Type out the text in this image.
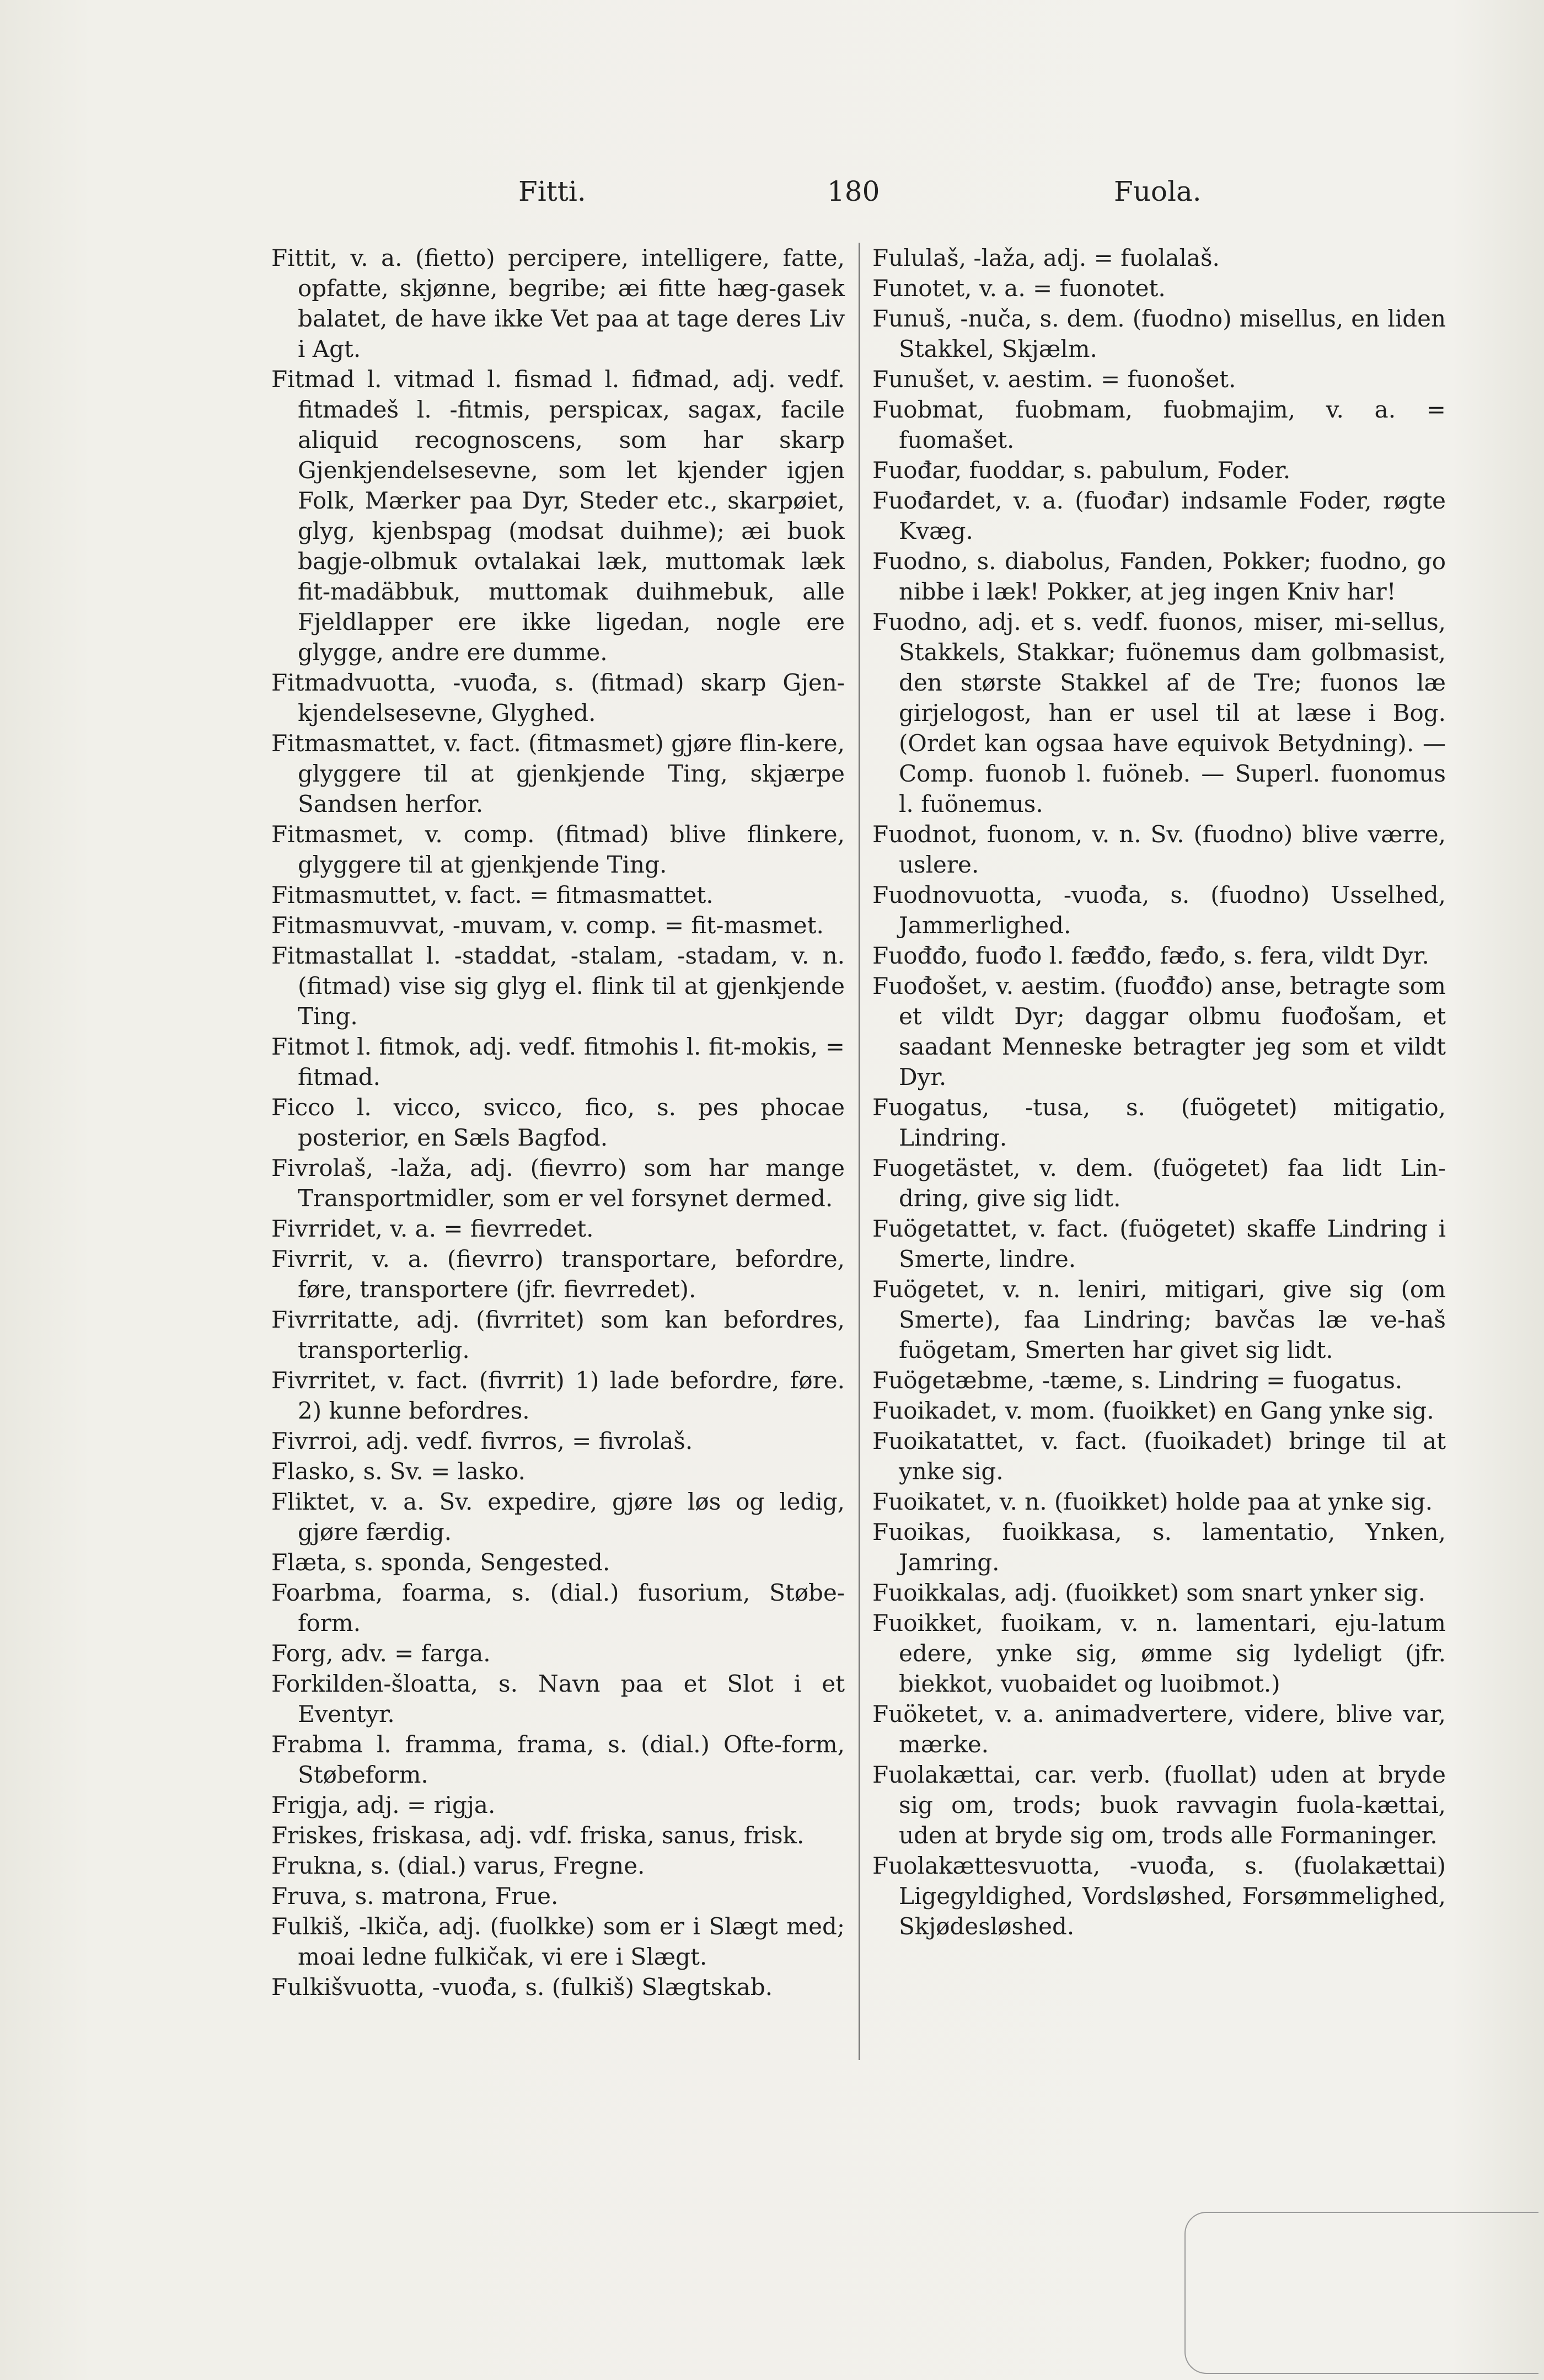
Fitti.	180	Fuola.

Fittit, v. a. (fietto) percipere, intelligere, fatte, opfatte, skjønne, begribe; æi fitte hæg-gasek balatet, de have ikke Vet paa at tage deres Liv i Agt.

Fitmad l. vitmad l. fismad l. fiđmad, adj. vedf. fitmadeš l. -fitmis, perspicax, sagax, facile aliquid recognoscens, som har skarp Gjenkjendelsesevne, som let kjender igjen Folk, Mærker paa Dyr, Steder etc., skarpøiet, glyg, kjenbspag (modsat duihme); æi buok bagje-olbmuk ovtalakai læk, muttomak læk fit-madäbbuk, muttomak duihmebuk, alle Fjeldlapper ere ikke ligedan, nogle ere glygge, andre ere dumme.

Fitmadvuotta, -vuođa, s. (fitmad) skarp Gjen-kjendelsesevne, Glyghed.

Fitmasmattet, v. fact. (fitmasmet) gjøre flin-kere, glyggere til at gjenkjende Ting, skjærpe Sandsen herfor.

Fitmasmet, v. comp. (fitmad) blive flinkere, glyggere til at gjenkjende Ting.

Fitmasmuttet, v. fact. = fitmasmattet.

Fitmasmuvvat, -muvam, v. comp. = fit-masmet.

Fitmastallat l. -staddat, -stalam, -stadam, v. n. (fitmad) vise sig glyg el. flink til at gjenkjende Ting.

Fitmot l. fitmok, adj. vedf. fitmohis l. fit-mokis, = fitmad.

Ficco l. vicco, svicco, fico, s. pes phocae posterior, en Sæls Bagfod.

Fivrolaš, -laža, adj. (fievrro) som har mange Transportmidler, som er vel forsynet dermed.

Fivrridet, v. a. = fievrredet.

Fivrrit, v. a. (fievrro) transportare, befordre, føre, transportere (jfr. fievrredet).

Fivrritatte, adj. (fivrritet) som kan befordres, transporterlig.

Fivrritet, v. fact. (fivrrit) 1) lade befordre, føre. 2) kunne befordres.

Fivrroi, adj. vedf. fivrros, = fivrolaš.

Flasko, s. Sv. = lasko.

Fliktet, v. a. Sv. expedire, gjøre løs og ledig, gjøre færdig.

Flæta, s. sponda, Sengested.

Foarbma, foarma, s. (dial.) fusorium, Støbe-form.

Forg, adv. = farga.

Forkilden-šloatta, s. Navn paa et Slot i et Eventyr.

Frabma l. framma, frama, s. (dial.) Ofte-form, Støbeform.

Frigja, adj. = rigja.

Friskes, friskasa, adj. vdf. friska, sanus, frisk.

Frukna, s. (dial.) varus, Fregne.

Fruva, s. matrona, Frue.

Fulkiš, -lkiča, adj. (fuolkke) som er i Slægt med; moai ledne fulkičak, vi ere i Slægt.

Fulkišvuotta, -vuođa, s. (fulkiš) Slægtskab.

Fululaš, -laža, adj. = fuolalaš.

Funotet, v. a. = fuonotet.

Funuš, -nuča, s. dem. (fuodno) misellus, en liden Stakkel, Skjælm.

Funušet, v. aestim. = fuonošet.

Fuobmat, fuobmam, fuobmajim, v. a. = fuomašet.

Fuođar, fuoddar, s. pabulum, Foder.

Fuođardet, v. a. (fuođar) indsamle Foder, røgte Kvæg.

Fuodno, s. diabolus, Fanden, Pokker; fuodno, go nibbe i læk! Pokker, at jeg ingen Kniv har!

Fuodno, adj. et s. vedf. fuonos, miser, mi-sellus, Stakkels, Stakkar; fuönemus dam golbmasist, den største Stakkel af de Tre; fuonos læ girjelogost, han er usel til at læse i Bog. (Ordet kan ogsaa have equivok Betydning). — Comp. fuonob l. fuöneb. — Superl. fuonomus l. fuönemus.

Fuodnot, fuonom, v. n. Sv. (fuodno) blive værre, uslere.

Fuodnovuotta, -vuođa, s. (fuodno) Usselhed, Jammerlighed.

Fuođđo, fuođo l. fæđđo, fæđo, s. fera, vildt Dyr.

Fuođošet, v. aestim. (fuođđo) anse, betragte som et vildt Dyr; daggar olbmu fuođošam, et saadant Menneske betragter jeg som et vildt Dyr.

Fuogatus, -tusa, s. (fuögetet) mitigatio, Lindring.

Fuogetästet, v. dem. (fuögetet) faa lidt Lin-dring, give sig lidt.

Fuögetattet, v. fact. (fuögetet) skaffe Lindring i Smerte, lindre.

Fuögetet, v. n. leniri, mitigari, give sig (om Smerte), faa Lindring; bavčas læ ve-haš fuögetam, Smerten har givet sig lidt.

Fuögetæbme, -tæme, s. Lindring = fuogatus.

Fuoikadet, v. mom. (fuoikket) en Gang ynke sig.

Fuoikatattet, v. fact. (fuoikadet) bringe til at ynke sig.

Fuoikatet, v. n. (fuoikket) holde paa at ynke sig.

Fuoikas, fuoikkasa, s. lamentatio, Ynken, Jamring.

Fuoikkalas, adj. (fuoikket) som snart ynker sig.

Fuoikket, fuoikam, v. n. lamentari, eju-latum edere, ynke sig, ømme sig lydeligt (jfr. biekkot, vuobaidet og luoibmot.)

Fuöketet, v. a. animadvertere, videre, blive var, mærke.

Fuolakættai, car. verb. (fuollat) uden at bryde sig om, trods; buok ravvagin fuola-kættai, uden at bryde sig om, trods alle Formaninger.

Fuolakættesvuotta, -vuođa, s. (fuolakættai) Ligegyldighed, Vordsløshed, Forsømmelighed, Skjødesløshed.
